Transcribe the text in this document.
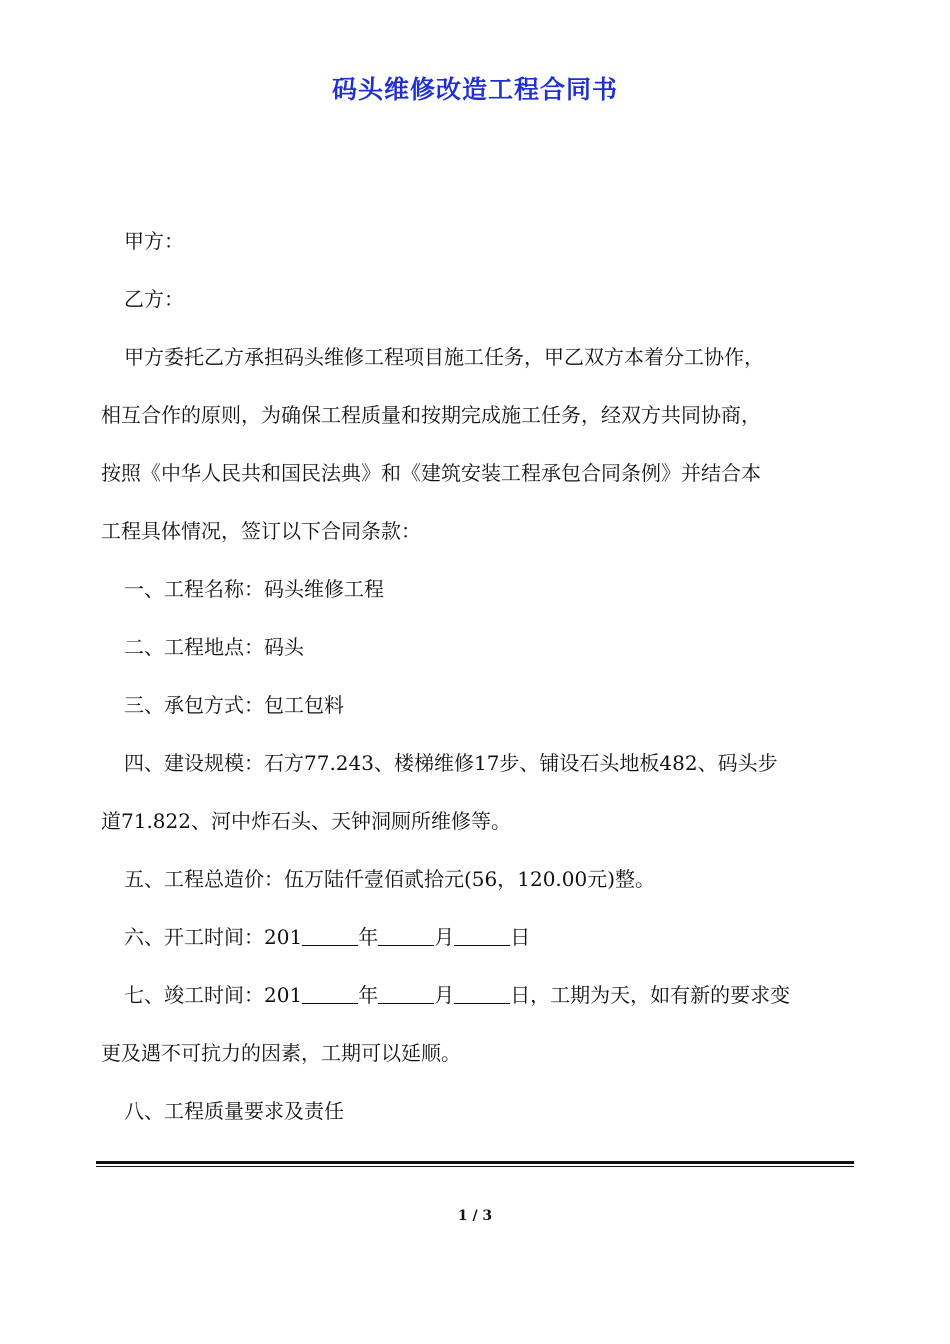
码头维修改造工程合同书

甲方：

乙方：

甲方委托乙方承担码头维修工程项目施工任务，甲乙双方本着分工协作，

相互合作的原则，为确保工程质量和按期完成施工任务，经双方共同协商，

按照《中华人民共和国民法典》和《建筑安装工程承包合同条例》并结合本

工程具体情况，签订以下合同条款：

一、工程名称：码头维修工程

二、工程地点：码头

三、承包方式：包工包料

四、建设规模：石方77.243、楼梯维修17步、铺设石头地板482、码头步

道71.822、河中炸石头、天钟洞厕所维修等。

五、工程总造价：伍万陆仟壹佰贰拾元(56，120.00元)整。

六、开工时间：201	年	月	日

七、竣工时间：201	年	月	日，工期为天，如有新的要求变

更及遇不可抗力的因素，工期可以延顺。

八、工程质量要求及责任

1 / 3
